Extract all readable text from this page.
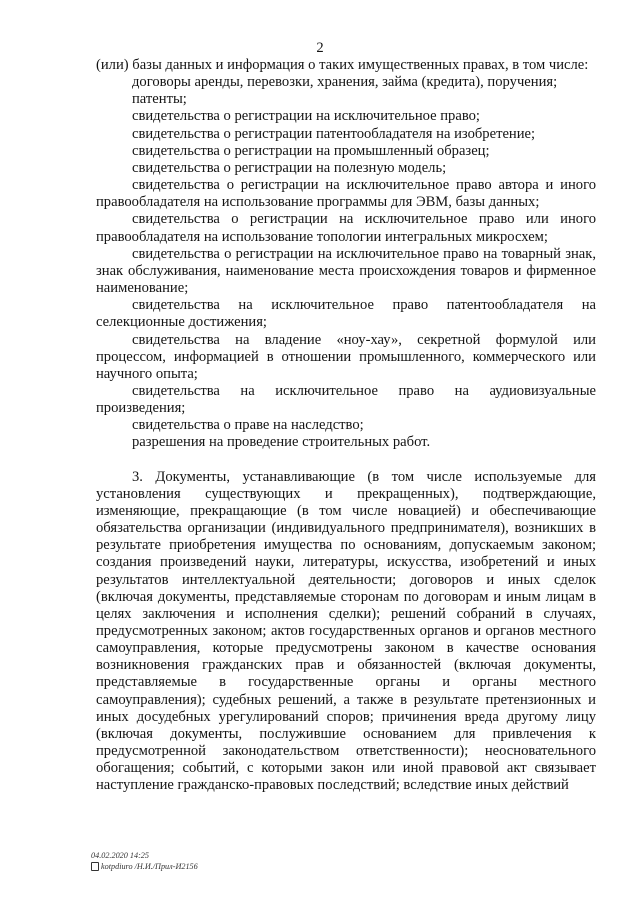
2

(или) базы данных и информация о таких имущественных правах, в том числе:

договоры аренды, перевозки, хранения, займа (кредита), поручения;

патенты;

свидетельства о регистрации на исключительное право;

свидетельства о регистрации патентообладателя на изобретение;

свидетельства о регистрации на промышленный образец;

свидетельства о регистрации на полезную модель;

свидетельства о регистрации на исключительное право автора и иного правообладателя на использование программы для ЭВМ, базы данных;

свидетельства о регистрации на исключительное право или иного правообладателя на использование топологии интегральных микросхем;

свидетельства о регистрации на исключительное право на товарный знак, знак обслуживания, наименование места происхождения товаров и фирменное наименование;

свидетельства на исключительное право патентообладателя на селекционные достижения;

свидетельства на владение «ноу-хау», секретной формулой или процессом, информацией в отношении промышленного, коммерческого или научного опыта;

свидетельства на исключительное право на аудиовизуальные произведения;

свидетельства о праве на наследство;

разрешения на проведение строительных работ.

3. Документы, устанавливающие (в том числе используемые для установления существующих и прекращенных), подтверждающие, изменяющие, прекращающие (в том числе новацией) и обеспечивающие обязательства организации (индивидуального предпринимателя), возникших в результате приобретения имущества по основаниям, допускаемым законом; создания произведений науки, литературы, искусства, изобретений и иных результатов интеллектуальной деятельности; договоров и иных сделок (включая документы, представляемые сторонам по договорам и иным лицам в целях заключения и исполнения сделки); решений собраний в случаях, предусмотренных законом; актов государственных органов и органов местного самоуправления, которые предусмотрены законом в качестве основания возникновения гражданских прав и обязанностей (включая документы, представляемые в государственные органы и органы местного самоуправления); судебных решений, а также в результате претензионных и иных досудебных урегулирований споров; причинения вреда другому лицу (включая документы, послужившие основанием для привлечения к предусмотренной законодательством ответственности); неосновательного обогащения; событий, с которыми закон или иной правовой акт связывает наступление гражданско-правовых последствий; вследствие иных действий

04.02.2020 14:25
kotpdiuro /Н.И./Прил-И2156
